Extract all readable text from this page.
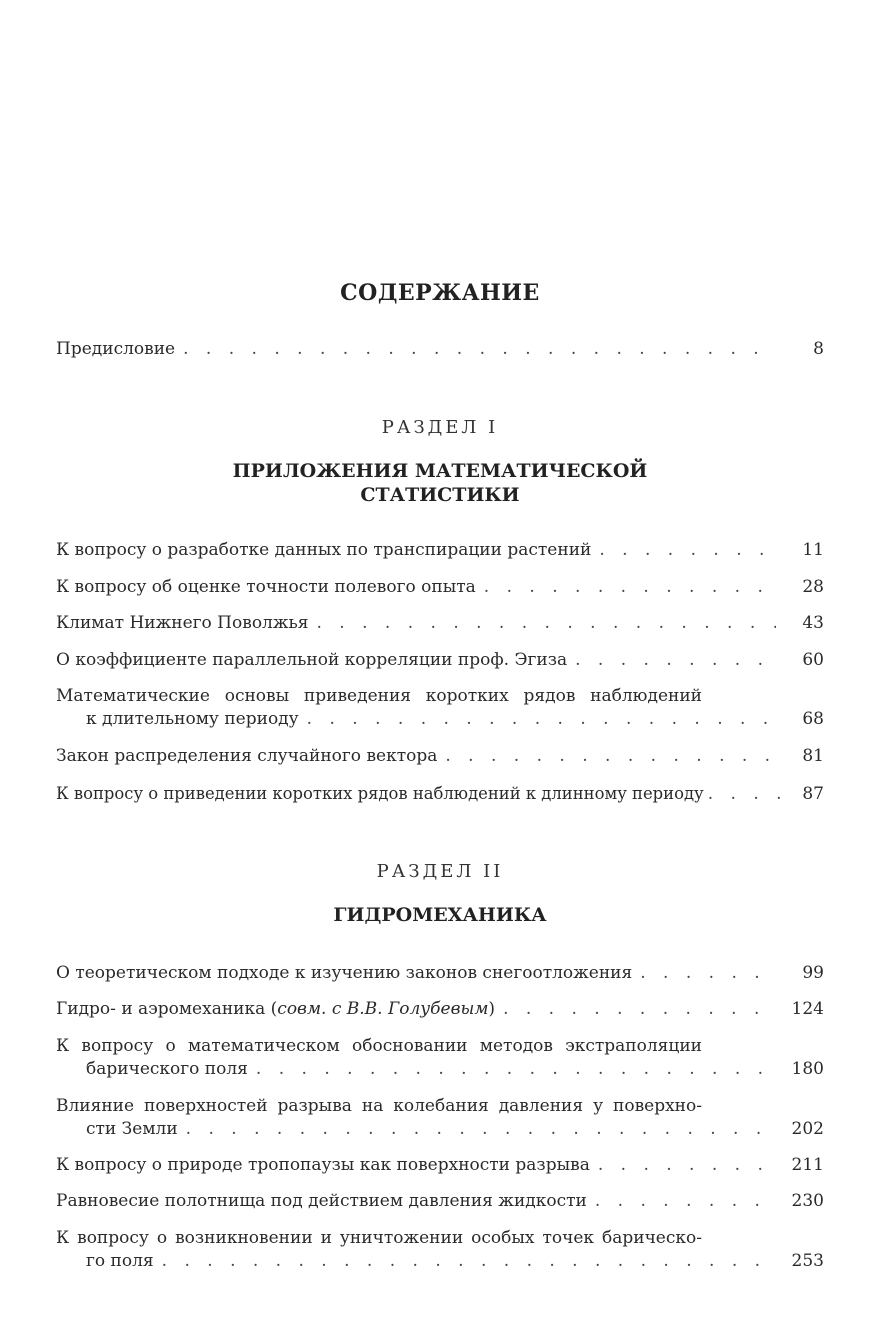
СОДЕРЖАНИЕ
Предисловие . . .	8
РАЗДЕЛ I
ПРИЛОЖЕНИЯ МАТЕМАТИЧЕСКОЙ
СТАТИСТИКИ
К вопросу о разработке данных по транспирации растений . . .	11
К вопросу об оценке точности полевого опыта . . .	28
Климат Нижнего Поволжья . . .	43
О коэффициенте параллельной корреляции проф. Эгиза . . .	60
Математические основы приведения коротких рядов наблюдений
к длительному периоду . . .	68
Закон распределения случайного вектора . . .	81
К вопросу о приведении коротких рядов наблюдений к длинному периоду . . .	87
РАЗДЕЛ II
ГИДРОМЕХАНИКА
О теоретическом подходе к изучению законов снегоотложения . . .	99
Гидро- и аэромеханика (совм. с В.В. Голубевым) . . .	124
К вопросу о математическом обосновании методов экстраполяции
барического поля . . .	180
Влияние поверхностей разрыва на колебания давления у поверхно-
сти Земли . . .	202
К вопросу о природе тропопаузы как поверхности разрыва . . .	211
Равновесие полотнища под действием давления жидкости . . .	230
К вопросу о возникновении и уничтожении особых точек барическо-
го поля . . .	253
